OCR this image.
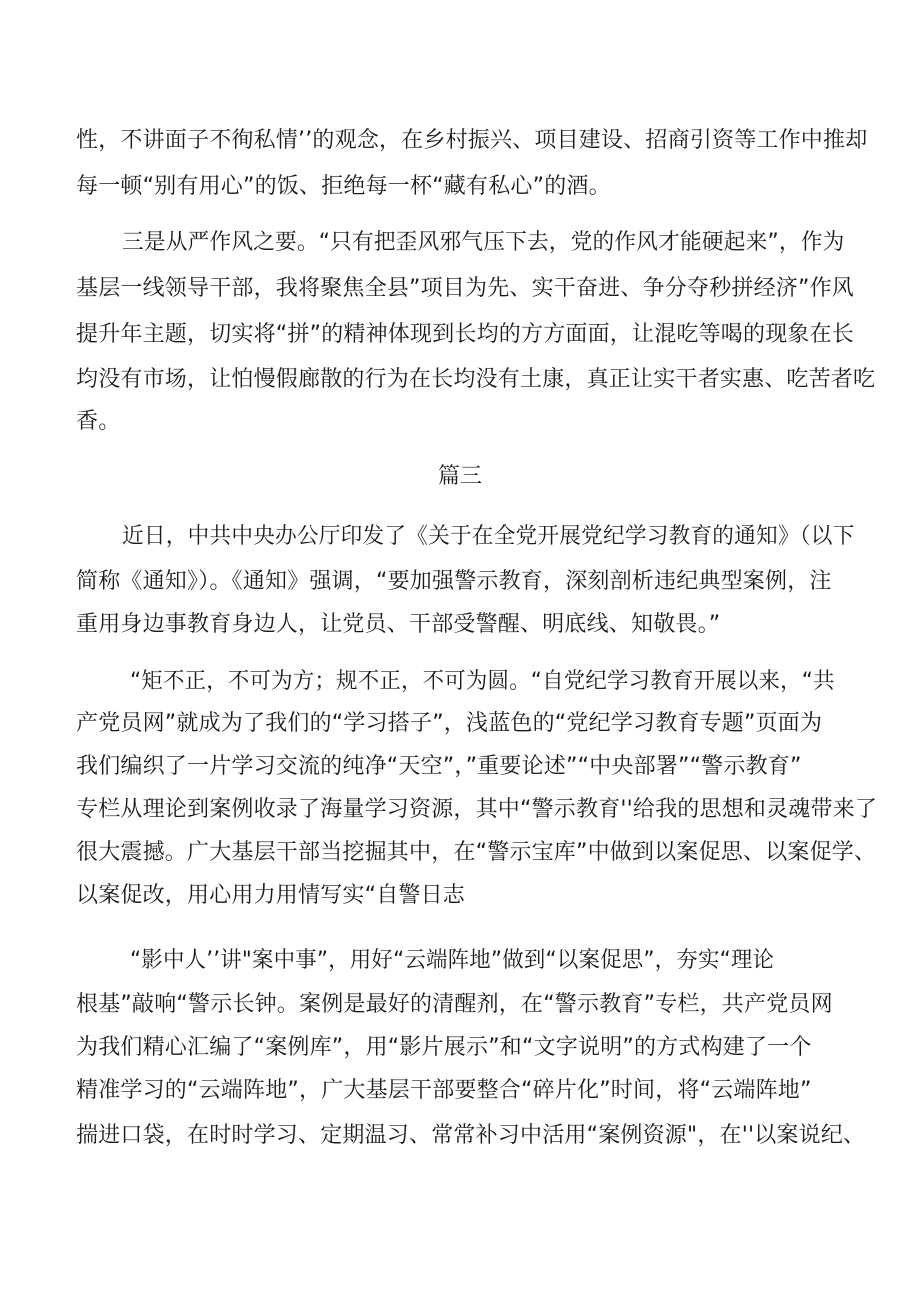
性，不讲面子不徇私情’’的观念，在乡村振兴、项目建设、招商引资等工作中推却
每一顿“别有用心”的饭、拒绝每一杯“藏有私心”的酒。
三是从严作风之要。“只有把歪风邪气压下去，党的作风才能硬起来”，作为
基层一线领导干部，我将聚焦全县”项目为先、实干奋进、争分夺秒拼经济”作风
提升年主题，切实将“拼”的精神体现到长均的方方面面，让混吃等喝的现象在长
均没有市场，让怕慢假廊散的行为在长均没有土康，真正让实干者实惠、吃苦者吃
香。
篇三
近日，中共中央办公厅印发了《关于在全党开展党纪学习教育的通知》（以下
简称《通知》）。《通知》强调，“要加强警示教育，深刻剖析违纪典型案例，注
重用身边事教育身边人，让党员、干部受警醒、明底线、知敬畏。”
“矩不正，不可为方；规不正，不可为圆。“自党纪学习教育开展以来，“共
产党员网”就成为了我们的“学习搭子”，浅蓝色的“党纪学习教育专题”页面为
我们编织了一片学习交流的纯净“天空”，”重要论述”“中央部署”“警示教育”
专栏从理论到案例收录了海量学习资源，其中“警示教育''给我的思想和灵魂带来了
很大震撼。广大基层干部当挖掘其中，在“警示宝库”中做到以案促思、以案促学、
以案促改，用心用力用情写实“自警日志
“影中人’’讲"案中事”，用好“云端阵地”做到“以案促思”，夯实“理论
根基”敲响“警示长钟。案例是最好的清醒剂，在“警示教育”专栏，共产党员网
为我们精心汇编了“案例库”，用“影片展示”和“文字说明”的方式构建了一个
精准学习的“云端阵地”，广大基层干部要整合“碎片化”时间，将“云端阵地”
揣进口袋，在时时学习、定期温习、常常补习中活用“案例资源"，在''以案说纪、
